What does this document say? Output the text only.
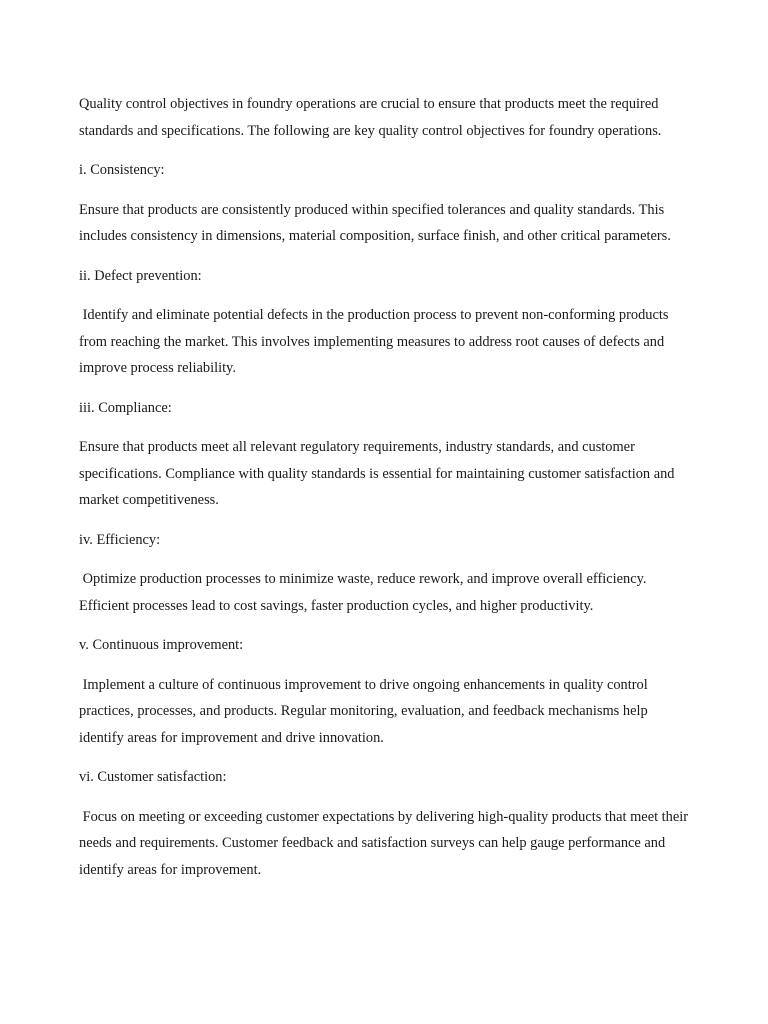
Quality control objectives in foundry operations are crucial to ensure that products meet the required standards and specifications. The following are key quality control objectives for foundry operations.

i. Consistency:

Ensure that products are consistently produced within specified tolerances and quality standards. This includes consistency in dimensions, material composition, surface finish, and other critical parameters.

ii. Defect prevention:

Identify and eliminate potential defects in the production process to prevent non-conforming products from reaching the market. This involves implementing measures to address root causes of defects and improve process reliability.

iii. Compliance:

Ensure that products meet all relevant regulatory requirements, industry standards, and customer specifications. Compliance with quality standards is essential for maintaining customer satisfaction and market competitiveness.

iv. Efficiency:

Optimize production processes to minimize waste, reduce rework, and improve overall efficiency. Efficient processes lead to cost savings, faster production cycles, and higher productivity.

v. Continuous improvement:

Implement a culture of continuous improvement to drive ongoing enhancements in quality control practices, processes, and products. Regular monitoring, evaluation, and feedback mechanisms help identify areas for improvement and drive innovation.

vi. Customer satisfaction:

Focus on meeting or exceeding customer expectations by delivering high-quality products that meet their needs and requirements. Customer feedback and satisfaction surveys can help gauge performance and identify areas for improvement.
